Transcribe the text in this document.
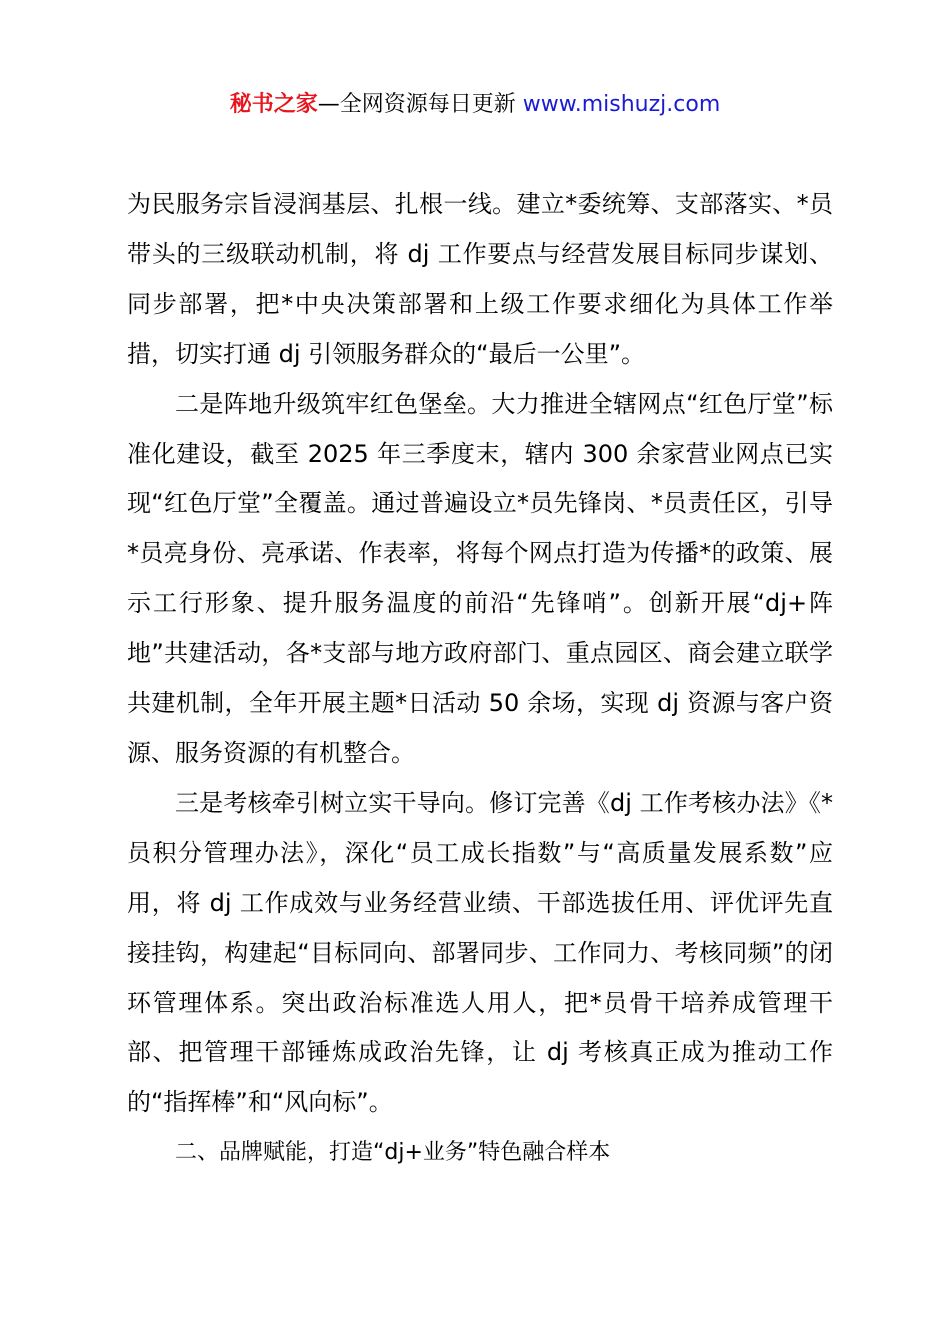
秘书之家—全网资源每日更新 www.mishuzj.com

为民服务宗旨浸润基层、扎根一线。建立*委统筹、支部落实、*员带头的三级联动机制，将 dj 工作要点与经营发展目标同步谋划、同步部署，把*中央决策部署和上级工作要求细化为具体工作举措，切实打通 dj 引领服务群众的“最后一公里”。

二是阵地升级筑牢红色堡垒。大力推进全辖网点“红色厅堂”标准化建设，截至 2025 年三季度末，辖内 300 余家营业网点已实现“红色厅堂”全覆盖。通过普遍设立*员先锋岗、*员责任区，引导*员亮身份、亮承诺、作表率，将每个网点打造为传播*的政策、展示工行形象、提升服务温度的前沿“先锋哨”。创新开展“dj+阵地”共建活动，各*支部与地方政府部门、重点园区、商会建立联学共建机制，全年开展主题*日活动 50 余场，实现 dj 资源与客户资源、服务资源的有机整合。

三是考核牵引树立实干导向。修订完善《dj 工作考核办法》《*员积分管理办法》，深化“员工成长指数”与“高质量发展系数”应用，将 dj 工作成效与业务经营业绩、干部选拔任用、评优评先直接挂钩，构建起“目标同向、部署同步、工作同力、考核同频”的闭环管理体系。突出政治标准选人用人，把*员骨干培养成管理干部、把管理干部锤炼成政治先锋，让 dj 考核真正成为推动工作的“指挥棒”和“风向标”。

二、品牌赋能，打造“dj+业务”特色融合样本
